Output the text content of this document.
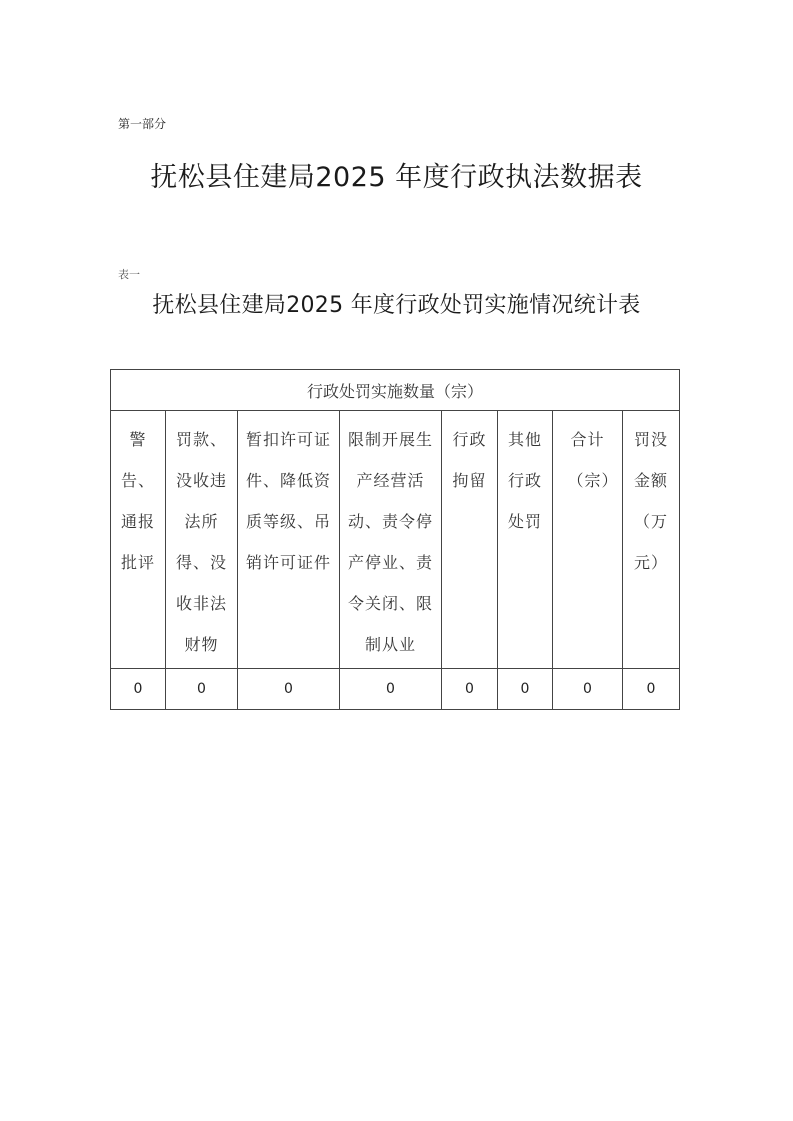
第一部分
抚松县住建局2025 年度行政执法数据表
表一
抚松县住建局2025 年度行政处罚实施情况统计表
行政处罚实施数量（宗）							

警告、通报批评	罚款、没收违法所得、没收非法财物	暂扣许可证件、降低资质等级、吊销许可证件	限制开展生产经营活动、责令停产停业、责令关闭、限制从业	行政拘留	其他行政处罚	合计（宗）	罚没金额（万元）

0	0	0	0	0	0	0	0
